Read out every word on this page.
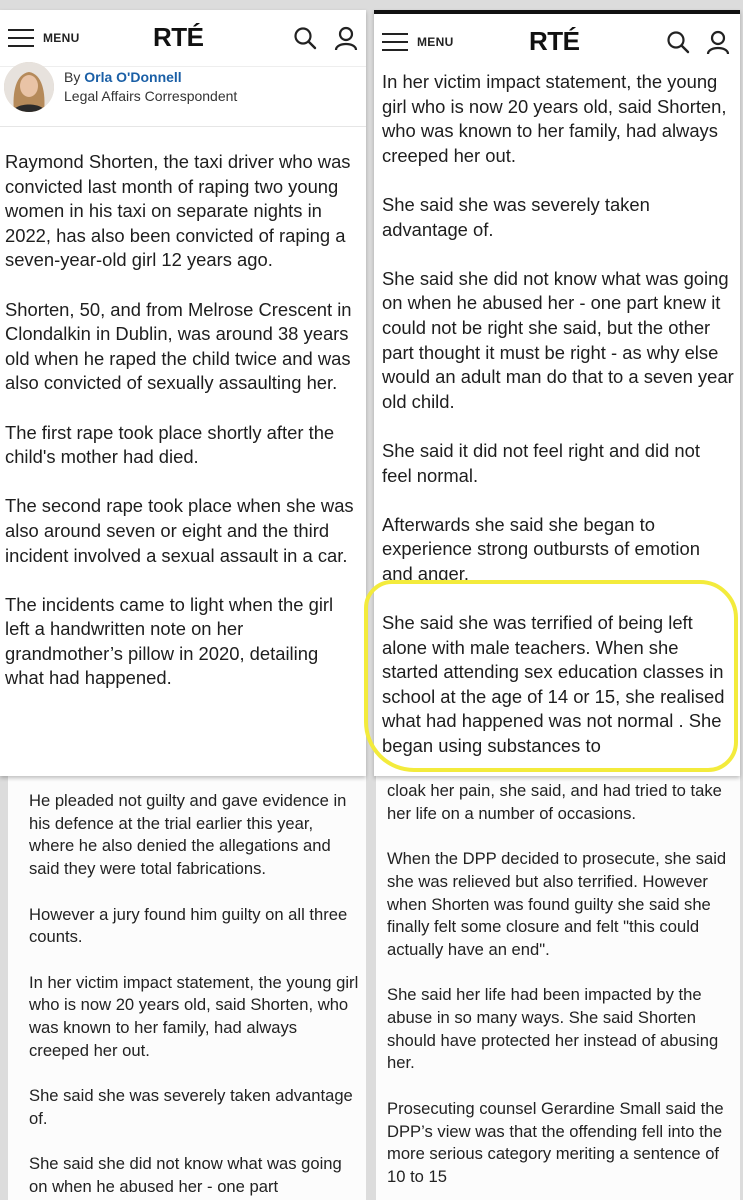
He pleaded not guilty and gave evidence in his defence at the trial earlier this year, where he also denied the allegations and said they were total fabrications.

However a jury found him guilty on all three counts.

In her victim impact statement, the young girl who is now 20 years old, said Shorten, who was known to her family, had always creeped her out.

She said she was severely taken advantage of.

She said she did not know what was going on when he abused her - one part

cloak her pain, she said, and had tried to take her life on a number of occasions.

When the DPP decided to prosecute, she said she was relieved but also terrified. However when Shorten was found guilty she said she finally felt some closure and felt "this could actually have an end".

She said her life had been impacted by the abuse in so many ways. She said Shorten should have protected her instead of abusing her.

Prosecuting counsel Gerardine Small said the DPP’s view was that the offending fell into the more serious category meriting a sentence of 10 to 15

MENU	RTÉ
By Orla O'Donnell
Legal Affairs Correspondent

Raymond Shorten, the taxi driver who was convicted last month of raping two young women in his taxi on separate nights in 2022, has also been convicted of raping a seven-year-old girl 12 years ago.

Shorten, 50, and from Melrose Crescent in Clondalkin in Dublin, was around 38 years old when he raped the child twice and was also convicted of sexually assaulting her.

The first rape took place shortly after the child's mother had died.

The second rape took place when she was also around seven or eight and the third incident involved a sexual assault in a car.

The incidents came to light when the girl left a handwritten note on her grandmother’s pillow in 2020, detailing what had happened.

MENU	RTÉ

In her victim impact statement, the young girl who is now 20 years old, said Shorten, who was known to her family, had always creeped her out.

She said she was severely taken advantage of.

She said she did not know what was going on when he abused her - one part knew it could not be right she said, but the other part thought it must be right - as why else would an adult man do that to a seven year old child.

She said it did not feel right and did not feel normal.

Afterwards she said she began to experience strong outbursts of emotion and anger.

She said she was terrified of being left alone with male teachers. When she started attending sex education classes in school at the age of 14 or 15, she realised what had happened was not normal . She began using substances to
